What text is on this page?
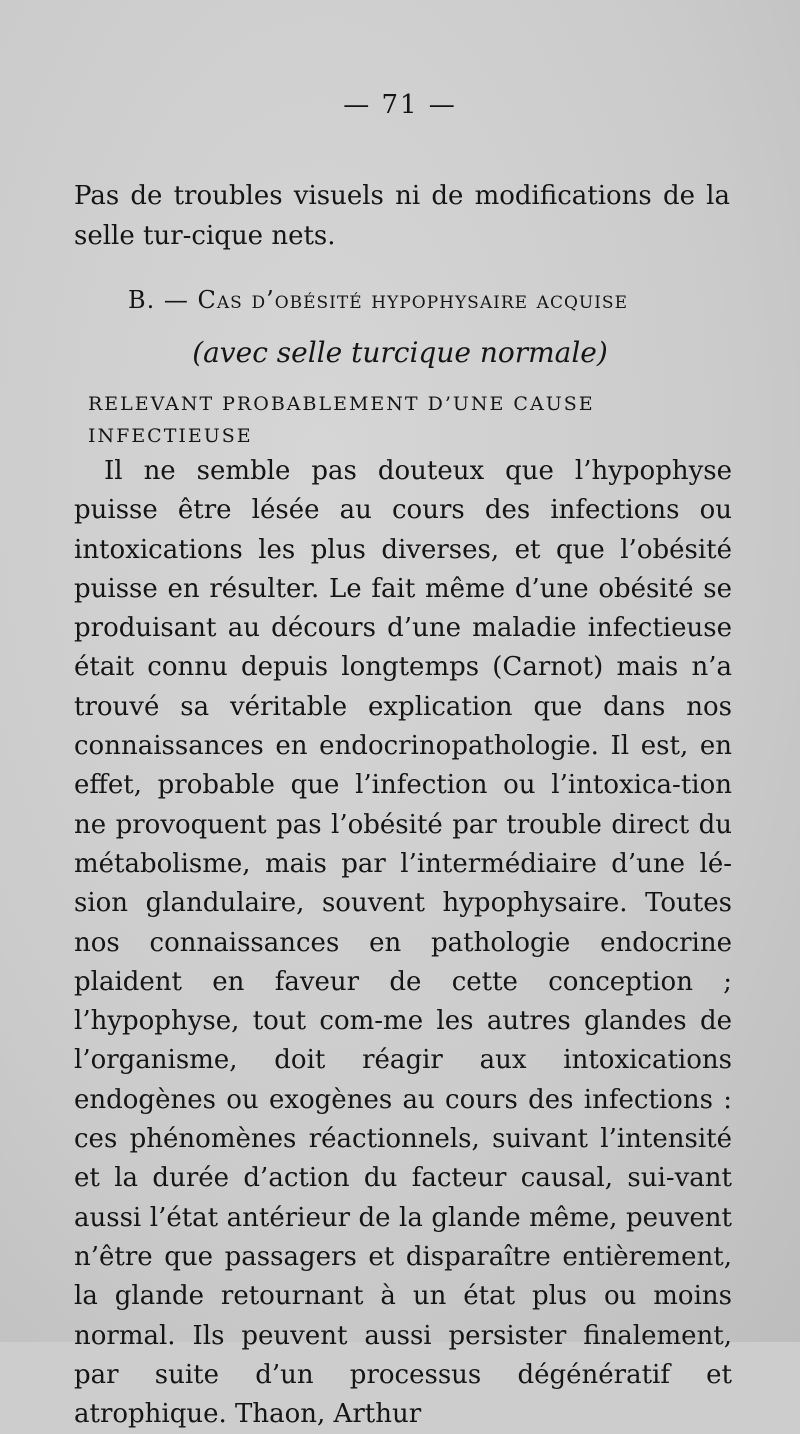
— 71 —

Pas de troubles visuels ni de modifications de la selle tur-cique nets.

B. — Cas d’obésité hypophysaire acquise
(avec selle turcique normale)
RELEVANT PROBABLEMENT D’UNE CAUSE INFECTIEUSE

Il ne semble pas douteux que l’hypophyse puisse être lésée au cours des infections ou intoxications les plus diverses, et que l’obésité puisse en résulter. Le fait même d’une obésité se produisant au décours d’une maladie infectieuse était connu depuis longtemps (Carnot) mais n’a trouvé sa véritable explication que dans nos connaissances en endocrinopathologie. Il est, en effet, probable que l’infection ou l’intoxica-tion ne provoquent pas l’obésité par trouble direct du métabolisme, mais par l’intermédiaire d’une lé-sion glandulaire, souvent hypophysaire. Toutes nos connaissances en pathologie endocrine plaident en faveur de cette conception ; l’hypophyse, tout com-me les autres glandes de l’organisme, doit réagir aux intoxications endogènes ou exogènes au cours des infections : ces phénomènes réactionnels, suivant l’intensité et la durée d’action du facteur causal, sui-vant aussi l’état antérieur de la glande même, peuvent n’être que passagers et disparaître entièrement, la glande retournant à un état plus ou moins normal. Ils peuvent aussi persister finalement, par suite d’un processus dégénératif et atrophique. Thaon, Arthur
